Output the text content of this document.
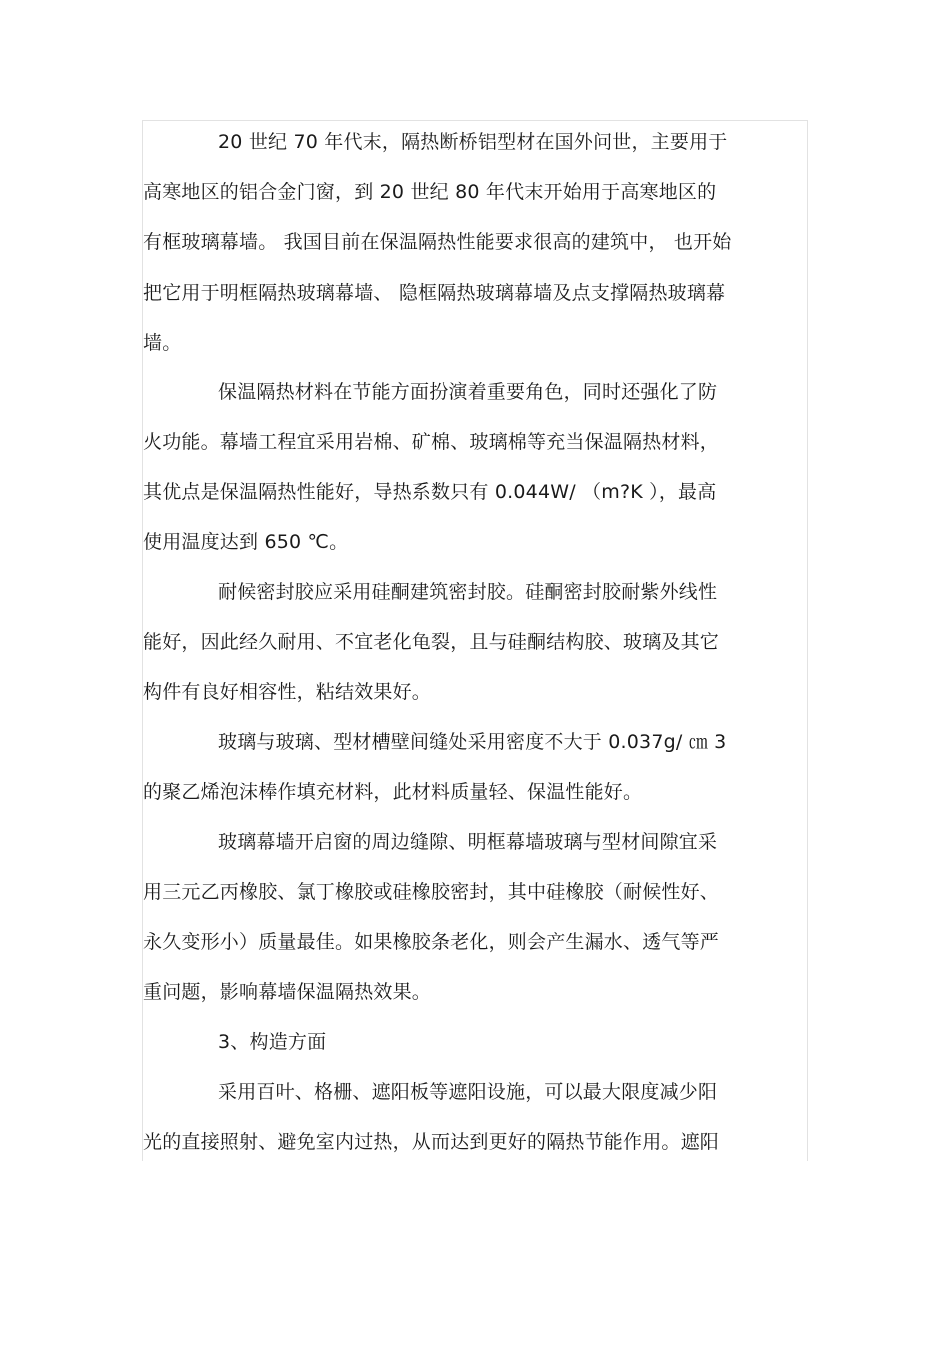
20 世纪 70 年代末，隔热断桥铝型材在国外问世，主要用于
高寒地区的铝合金门窗，到 20 世纪 80 年代末开始用于高寒地区的
有框玻璃幕墙。 我国目前在保温隔热性能要求很高的建筑中， 也开始
把它用于明框隔热玻璃幕墙、 隐框隔热玻璃幕墙及点支撑隔热玻璃幕
墙。
保温隔热材料在节能方面扮演着重要角色，同时还强化了防
火功能。幕墙工程宜采用岩棉、矿棉、玻璃棉等充当保温隔热材料，
其优点是保温隔热性能好，导热系数只有 0.044W/ （m?K ），最高
使用温度达到 650 ℃。
耐候密封胶应采用硅酮建筑密封胶。硅酮密封胶耐紫外线性
能好，因此经久耐用、不宜老化龟裂，且与硅酮结构胶、玻璃及其它
构件有良好相容性，粘结效果好。
玻璃与玻璃、型材槽壁间缝处采用密度不大于 0.037g/ ㎝ 3
的聚乙烯泡沫棒作填充材料，此材料质量轻、保温性能好。
玻璃幕墙开启窗的周边缝隙、明框幕墙玻璃与型材间隙宜采
用三元乙丙橡胶、氯丁橡胶或硅橡胶密封，其中硅橡胶（耐候性好、
永久变形小）质量最佳。如果橡胶条老化，则会产生漏水、透气等严
重问题，影响幕墙保温隔热效果。
3、构造方面
采用百叶、格栅、遮阳板等遮阳设施，可以最大限度减少阳
光的直接照射、避免室内过热，从而达到更好的隔热节能作用。遮阳
